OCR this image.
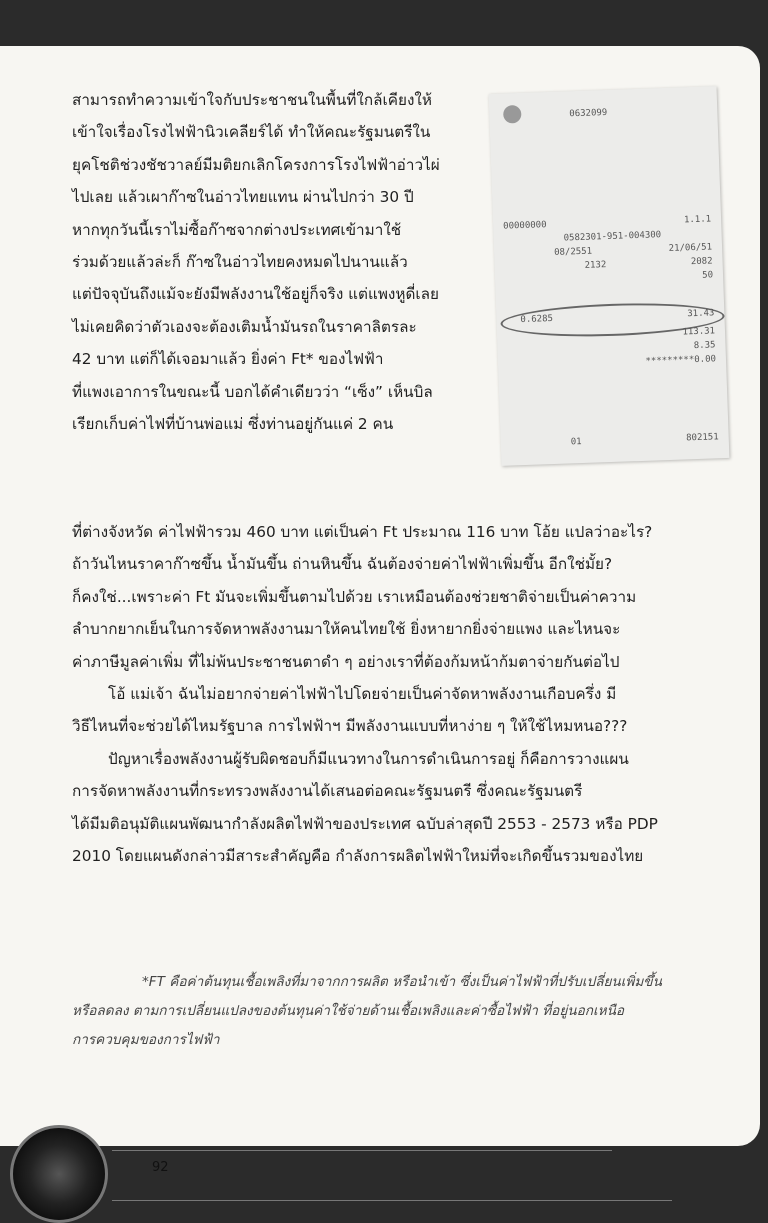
สามารถทำความเข้าใจกับประชาชนในพื้นที่ใกล้เคียงให้
เข้าใจเรื่องโรงไฟฟ้านิวเคลียร์ได้ ทำให้คณะรัฐมนตรีใน
ยุคโชติช่วงชัชวาลย์มีมติยกเลิกโครงการโรงไฟฟ้าอ่าวไผ่
ไปเลย แล้วเผาก๊าซในอ่าวไทยแทน ผ่านไปกว่า 30 ปี
หากทุกวันนี้เราไม่ซื้อก๊าซจากต่างประเทศเข้ามาใช้
ร่วมด้วยแล้วล่ะก็ ก๊าซในอ่าวไทยคงหมดไปนานแล้ว
แต่ปัจจุบันถึงแม้จะยังมีพลังงานใช้อยู่ก็จริง แต่แพงหูดี่เลย
ไม่เคยคิดว่าตัวเองจะต้องเติมน้ำมันรถในราคาลิตรละ
42 บาท แต่ก็ได้เจอมาแล้ว ยิ่งค่า Ft* ของไฟฟ้า
ที่แพงเอาการในขณะนี้ บอกได้คำเดียวว่า “เซ็ง” เห็นบิล
เรียกเก็บค่าไฟที่บ้านพ่อแม่ ซึ่งท่านอยู่กันแค่ 2 คน
0632099
00000000
1.1.1
0582301-951-004300
08/2551	21/06/51
2132	2082
50
0.6285
31.43
113.31
8.35
*********0.00
01	802151
ที่ต่างจังหวัด ค่าไฟฟ้ารวม 460 บาท แต่เป็นค่า Ft ประมาณ 116 บาท โอ้ย แปลว่าอะไร?
ถ้าวันไหนราคาก๊าซขึ้น น้ำมันขึ้น ถ่านหินขึ้น ฉันต้องจ่ายค่าไฟฟ้าเพิ่มขึ้น อีกใช่มั้ย?
ก็คงใช่...เพราะค่า Ft มันจะเพิ่มขึ้นตามไปด้วย เราเหมือนต้องช่วยชาติจ่ายเป็นค่าความ
ลำบากยากเย็นในการจัดหาพลังงานมาให้คนไทยใช้ ยิ่งหายากยิ่งจ่ายแพง และไหนจะ
ค่าภาษีมูลค่าเพิ่ม ที่ไม่พ้นประชาชนตาดำ ๆ อย่างเราที่ต้องก้มหน้าก้มตาจ่ายกันต่อไป
โอ้ แม่เจ้า ฉันไม่อยากจ่ายค่าไฟฟ้าไปโดยจ่ายเป็นค่าจัดหาพลังงานเกือบครึ่ง มี
วิธีไหนที่จะช่วยได้ไหมรัฐบาล การไฟฟ้าฯ มีพลังงานแบบที่หาง่าย ๆ ให้ใช้ไหมหนอ???
ปัญหาเรื่องพลังงานผู้รับผิดชอบก็มีแนวทางในการดำเนินการอยู่ ก็คือการวางแผน
การจัดหาพลังงานที่กระทรวงพลังงานได้เสนอต่อคณะรัฐมนตรี ซึ่งคณะรัฐมนตรี
ได้มีมติอนุมัติแผนพัฒนากำลังผลิตไฟฟ้าของประเทศ ฉบับล่าสุดปี 2553 - 2573 หรือ PDP
2010 โดยแผนดังกล่าวมีสาระสำคัญคือ กำลังการผลิตไฟฟ้าใหม่ที่จะเกิดขึ้นรวมของไทย
*FT คือค่าต้นทุนเชื้อเพลิงที่มาจากการผลิต หรือนำเข้า ซึ่งเป็นค่าไฟฟ้าที่ปรับเปลี่ยนเพิ่มขึ้น
หรือลดลง ตามการเปลี่ยนแปลงของต้นทุนค่าใช้จ่ายด้านเชื้อเพลิงและค่าซื้อไฟฟ้า ที่อยู่นอกเหนือ
การควบคุมของการไฟฟ้า
92
